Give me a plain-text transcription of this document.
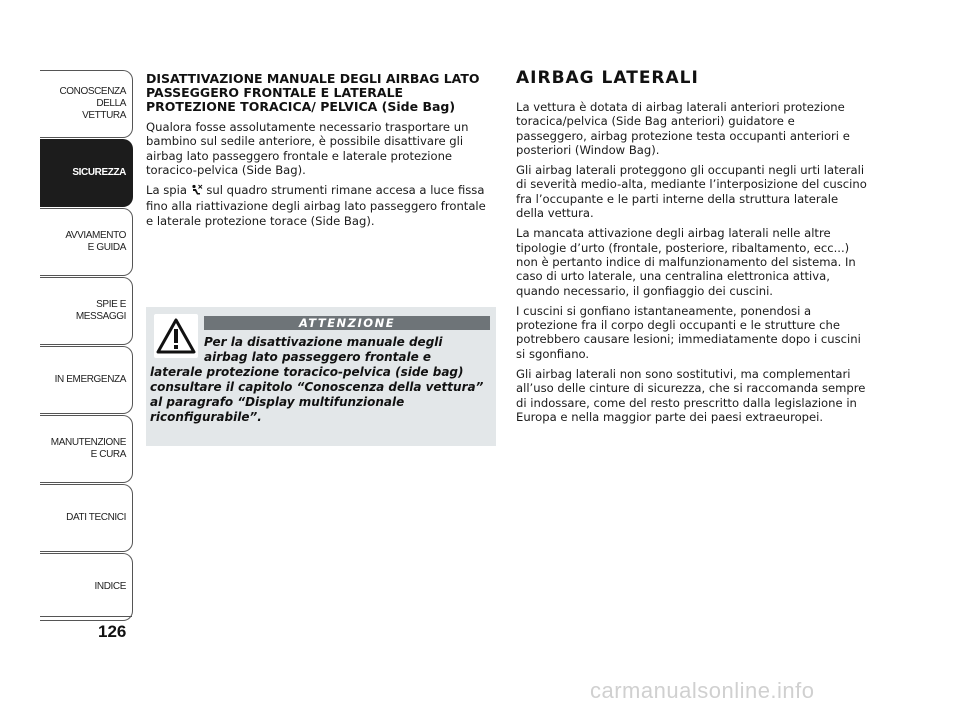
CONOSCENZA
DELLA
VETTURA
SICUREZZA
AVVIAMENTO
E GUIDA
SPIE E
MESSAGGI
IN EMERGENZA
MANUTENZIONE
E CURA
DATI TECNICI
INDICE
126

DISATTIVAZIONE MANUALE DEGLI AIRBAG LATO PASSEGGERO FRONTALE E LATERALE PROTEZIONE TORACICA/ PELVICA (Side Bag)

Qualora fosse assolutamente necessario trasportare un bambino sul sedile anteriore, è possibile disattivare gli airbag lato passeggero frontale e laterale protezione toracico-pelvica (Side Bag).

La spia  sul quadro strumenti rimane accesa a luce fissa fino alla riattivazione degli airbag lato passeggero frontale e laterale protezione torace (Side Bag).

ATTENZIONE
Per la disattivazione manuale degli
airbag lato passeggero frontale e
laterale protezione toracico-pelvica (side bag) consultare il capitolo “Conoscenza della vettura” al paragrafo “Display multifunzionale riconfigurabile”.
AIRBAG LATERALI

La vettura è dotata di airbag laterali anteriori protezione toracica/pelvica (Side Bag anteriori) guidatore e passeggero, airbag protezione testa occupanti anteriori e posteriori (Window Bag).

Gli airbag laterali proteggono gli occupanti negli urti laterali di severità medio-alta, mediante l’interposizione del cuscino fra l’occupante e le parti interne della struttura laterale della vettura.

La mancata attivazione degli airbag laterali nelle altre tipologie d’urto (frontale, posteriore, ribaltamento, ecc...) non è pertanto indice di malfunzionamento del sistema. In caso di urto laterale, una centralina elettronica attiva, quando necessario, il gonfiaggio dei cuscini.

I cuscini si gonfiano istantaneamente, ponendosi a protezione fra il corpo degli occupanti e le strutture che potrebbero causare lesioni; immediatamente dopo i cuscini si sgonfiano.

Gli airbag laterali non sono sostitutivi, ma complementari all’uso delle cinture di sicurezza, che si raccomanda sempre di indossare, come del resto prescritto dalla legislazione in Europa e nella maggior parte dei paesi extraeuropei.

carmanualsonline.info
